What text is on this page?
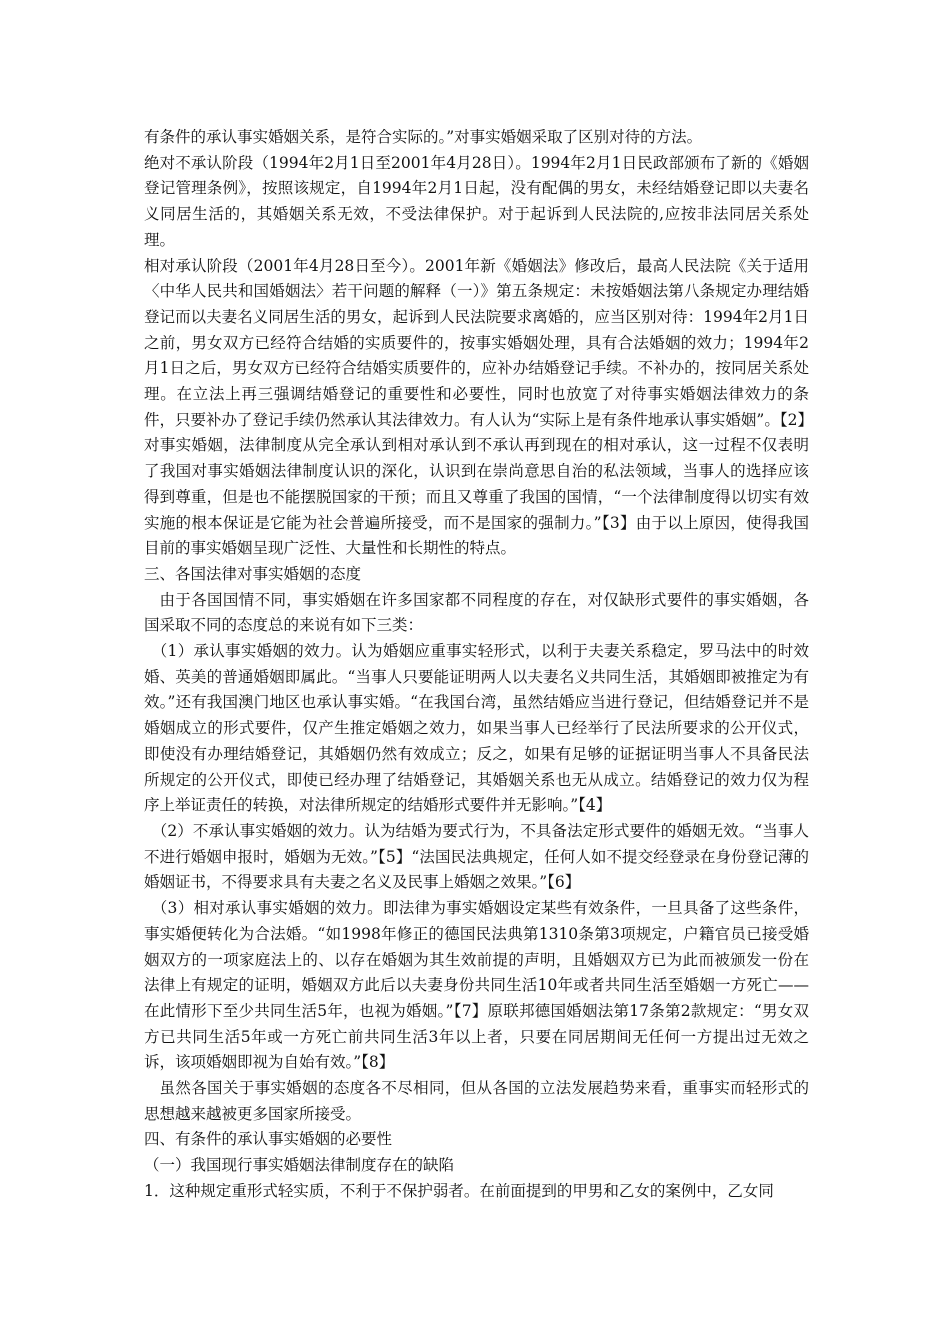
有条件的承认事实婚姻关系，是符合实际的。”对事实婚姻采取了区别对待的方法。

绝对不承认阶段（1994年2月1日至2001年4月28日）。1994年2月1日民政部颁布了新的《婚姻登记管理条例》，按照该规定，自1994年2月1日起，没有配偶的男女，未经结婚登记即以夫妻名义同居生活的，其婚姻关系无效，不受法律保护。对于起诉到人民法院的,应按非法同居关系处理。

相对承认阶段（2001年4月28日至今）。2001年新《婚姻法》修改后，最高人民法院《关于适用〈中华人民共和国婚姻法〉若干问题的解释（一）》第五条规定：未按婚姻法第八条规定办理结婚登记而以夫妻名义同居生活的男女，起诉到人民法院要求离婚的，应当区别对待：1994年2月1日之前，男女双方已经符合结婚的实质要件的，按事实婚姻处理，具有合法婚姻的效力；1994年2月1日之后，男女双方已经符合结婚实质要件的，应补办结婚登记手续。不补办的，按同居关系处理。在立法上再三强调结婚登记的重要性和必要性，同时也放宽了对待事实婚姻法律效力的条件，只要补办了登记手续仍然承认其法律效力。有人认为“实际上是有条件地承认事实婚姻”。【2】

对事实婚姻，法律制度从完全承认到相对承认到不承认再到现在的相对承认，这一过程不仅表明了我国对事实婚姻法律制度认识的深化，认识到在崇尚意思自治的私法领域，当事人的选择应该得到尊重，但是也不能摆脱国家的干预；而且又尊重了我国的国情，“一个法律制度得以切实有效实施的根本保证是它能为社会普遍所接受，而不是国家的强制力。”【3】由于以上原因，使得我国目前的事实婚姻呈现广泛性、大量性和长期性的特点。

三、各国法律对事实婚姻的态度

由于各国国情不同，事实婚姻在许多国家都不同程度的存在，对仅缺形式要件的事实婚姻，各国采取不同的态度总的来说有如下三类：

（1）承认事实婚姻的效力。认为婚姻应重事实轻形式，以利于夫妻关系稳定，罗马法中的时效婚、英美的普通婚姻即属此。“当事人只要能证明两人以夫妻名义共同生活，其婚姻即被推定为有效。”还有我国澳门地区也承认事实婚。“在我国台湾，虽然结婚应当进行登记，但结婚登记并不是婚姻成立的形式要件，仅产生推定婚姻之效力，如果当事人已经举行了民法所要求的公开仪式，即使没有办理结婚登记，其婚姻仍然有效成立；反之，如果有足够的证据证明当事人不具备民法所规定的公开仪式，即使已经办理了结婚登记，其婚姻关系也无从成立。结婚登记的效力仅为程序上举证责任的转换，对法律所规定的结婚形式要件并无影响。”【4】

（2）不承认事实婚姻的效力。认为结婚为要式行为，不具备法定形式要件的婚姻无效。“当事人不进行婚姻申报时，婚姻为无效。”【5】“法国民法典规定，任何人如不提交经登录在身份登记薄的婚姻证书，不得要求具有夫妻之名义及民事上婚姻之效果。”【6】

（3）相对承认事实婚姻的效力。即法律为事实婚姻设定某些有效条件，一旦具备了这些条件，事实婚便转化为合法婚。“如1998年修正的德国民法典第1310条第3项规定，户籍官员已接受婚姻双方的一项家庭法上的、以存在婚姻为其生效前提的声明，且婚姻双方已为此而被颁发一份在法律上有规定的证明，婚姻双方此后以夫妻身份共同生活10年或者共同生活至婚姻一方死亡——在此情形下至少共同生活5年，也视为婚姻。”【7】原联邦德国婚姻法第17条第2款规定：“男女双方已共同生活5年或一方死亡前共同生活3年以上者，只要在同居期间无任何一方提出过无效之诉，该项婚姻即视为自始有效。”【8】

虽然各国关于事实婚姻的态度各不尽相同，但从各国的立法发展趋势来看，重事实而轻形式的思想越来越被更多国家所接受。

四、有条件的承认事实婚姻的必要性

（一）我国现行事实婚姻法律制度存在的缺陷

1．这种规定重形式轻实质，不利于不保护弱者。在前面提到的甲男和乙女的案例中，乙女同
